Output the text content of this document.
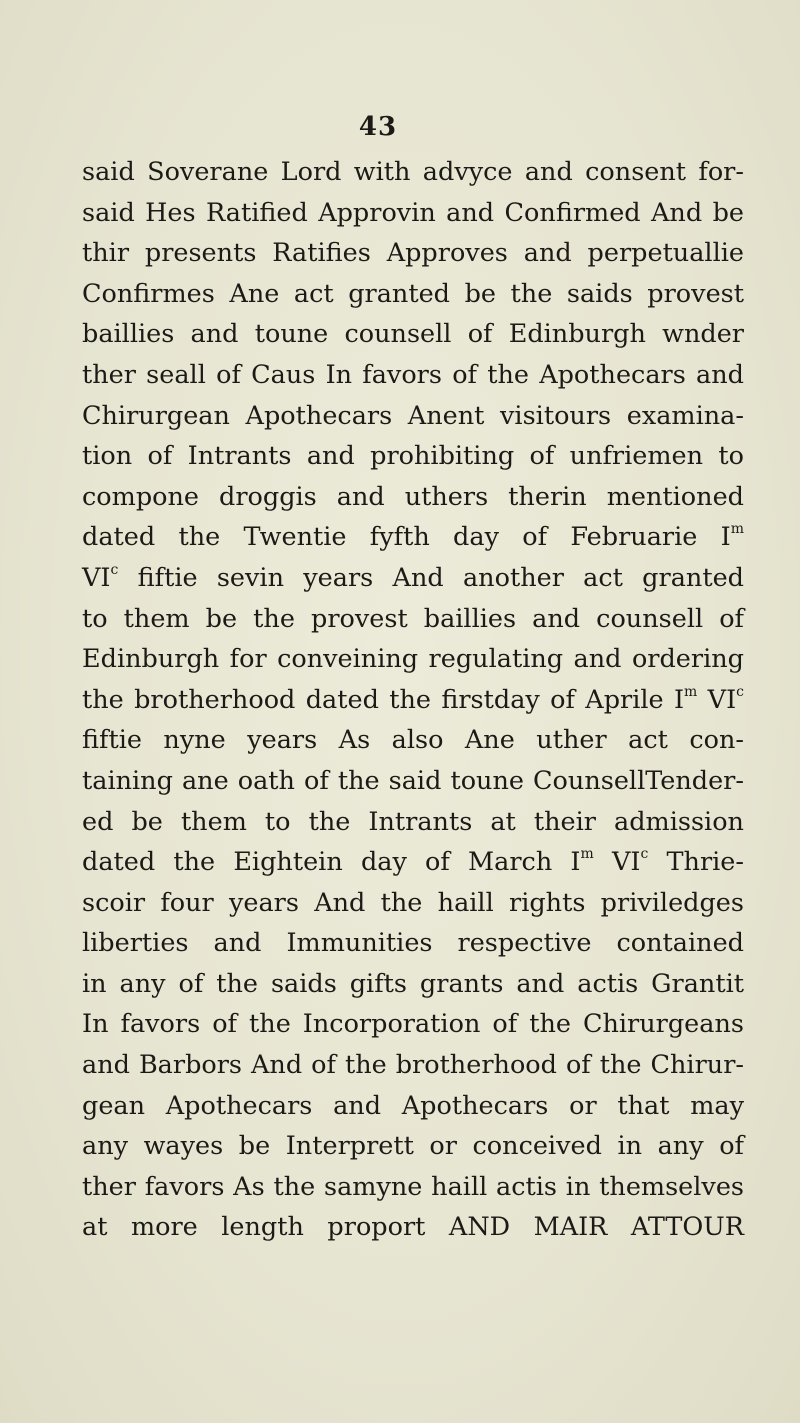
43
said Soverane Lord with advyce and consent for-
said Hes Ratified Approvin and Confirmed And be
thir presents Ratifies Approves and perpetuallie
Confirmes Ane act granted be the saids provest
baillies and toune counsell of Edinburgh wnder
ther seall of Caus In favors of the Apothecars and
Chirurgean Apothecars Anent visitours examina-
tion of Intrants and prohibiting of unfriemen to
compone droggis and uthers therin mentioned
dated the Twentie fyfth day of Februarie $I^m$
$VI^c$ fiftie sevin years And another act granted
to them be the provest baillies and counsell of
Edinburgh for conveining regulating and ordering
the brotherhood dated the firstday of Aprile $I^m$ $VI^c$
fiftie nyne years As also Ane uther act con-
taining ane oath of the said toune CounsellTender-
ed be them to the Intrants at their admission
dated the Eightein day of March $I^m$ $VI^c$ Thrie-
scoir four years And the haill rights priviledges
liberties and Immunities respective contained
in any of the saids gifts grants and actis Grantit
In favors of the Incorporation of the Chirurgeans
and Barbors And of the brotherhood of the Chirur-
gean Apothecars and Apothecars or that may
any wayes be Interprett or conceived in any of
ther favors As the samyne haill actis in themselves
at more length proport AND MAIR ATTOUR
